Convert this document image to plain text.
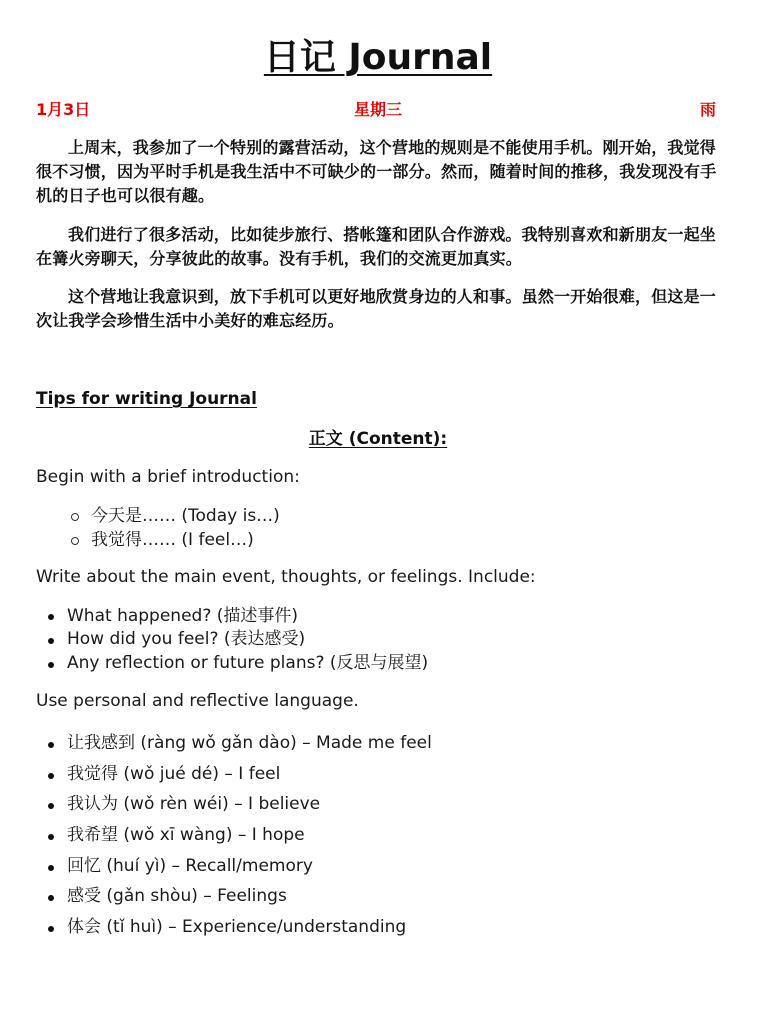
日记 Journal
1月3日	星期三	雨
上周末，我参加了一个特别的露营活动，这个营地的规则是不能使用手机。刚开始，我觉得很不习惯，因为平时手机是我生活中不可缺少的一部分。然而，随着时间的推移，我发现没有手机的日子也可以很有趣。
我们进行了很多活动，比如徒步旅行、搭帐篷和团队合作游戏。我特别喜欢和新朋友一起坐在篝火旁聊天，分享彼此的故事。没有手机，我们的交流更加真实。
这个营地让我意识到，放下手机可以更好地欣赏身边的人和事。虽然一开始很难，但这是一次让我学会珍惜生活中小美好的难忘经历。
Tips for writing Journal
正文 (Content):
Begin with a brief introduction:
今天是…… (Today is…)
我觉得…… (I feel…)
Write about the main event, thoughts, or feelings. Include:
What happened? (描述事件)
How did you feel? (表达感受)
Any reflection or future plans? (反思与展望)
Use personal and reflective language.
让我感到 (ràng wǒ gǎn dào) – Made me feel
我觉得 (wǒ jué dé) – I feel
我认为 (wǒ rèn wéi) – I believe
我希望 (wǒ xī wàng) – I hope
回忆 (huí yì) – Recall/memory
感受 (gǎn shòu) – Feelings
体会 (tǐ huì) – Experience/understanding
